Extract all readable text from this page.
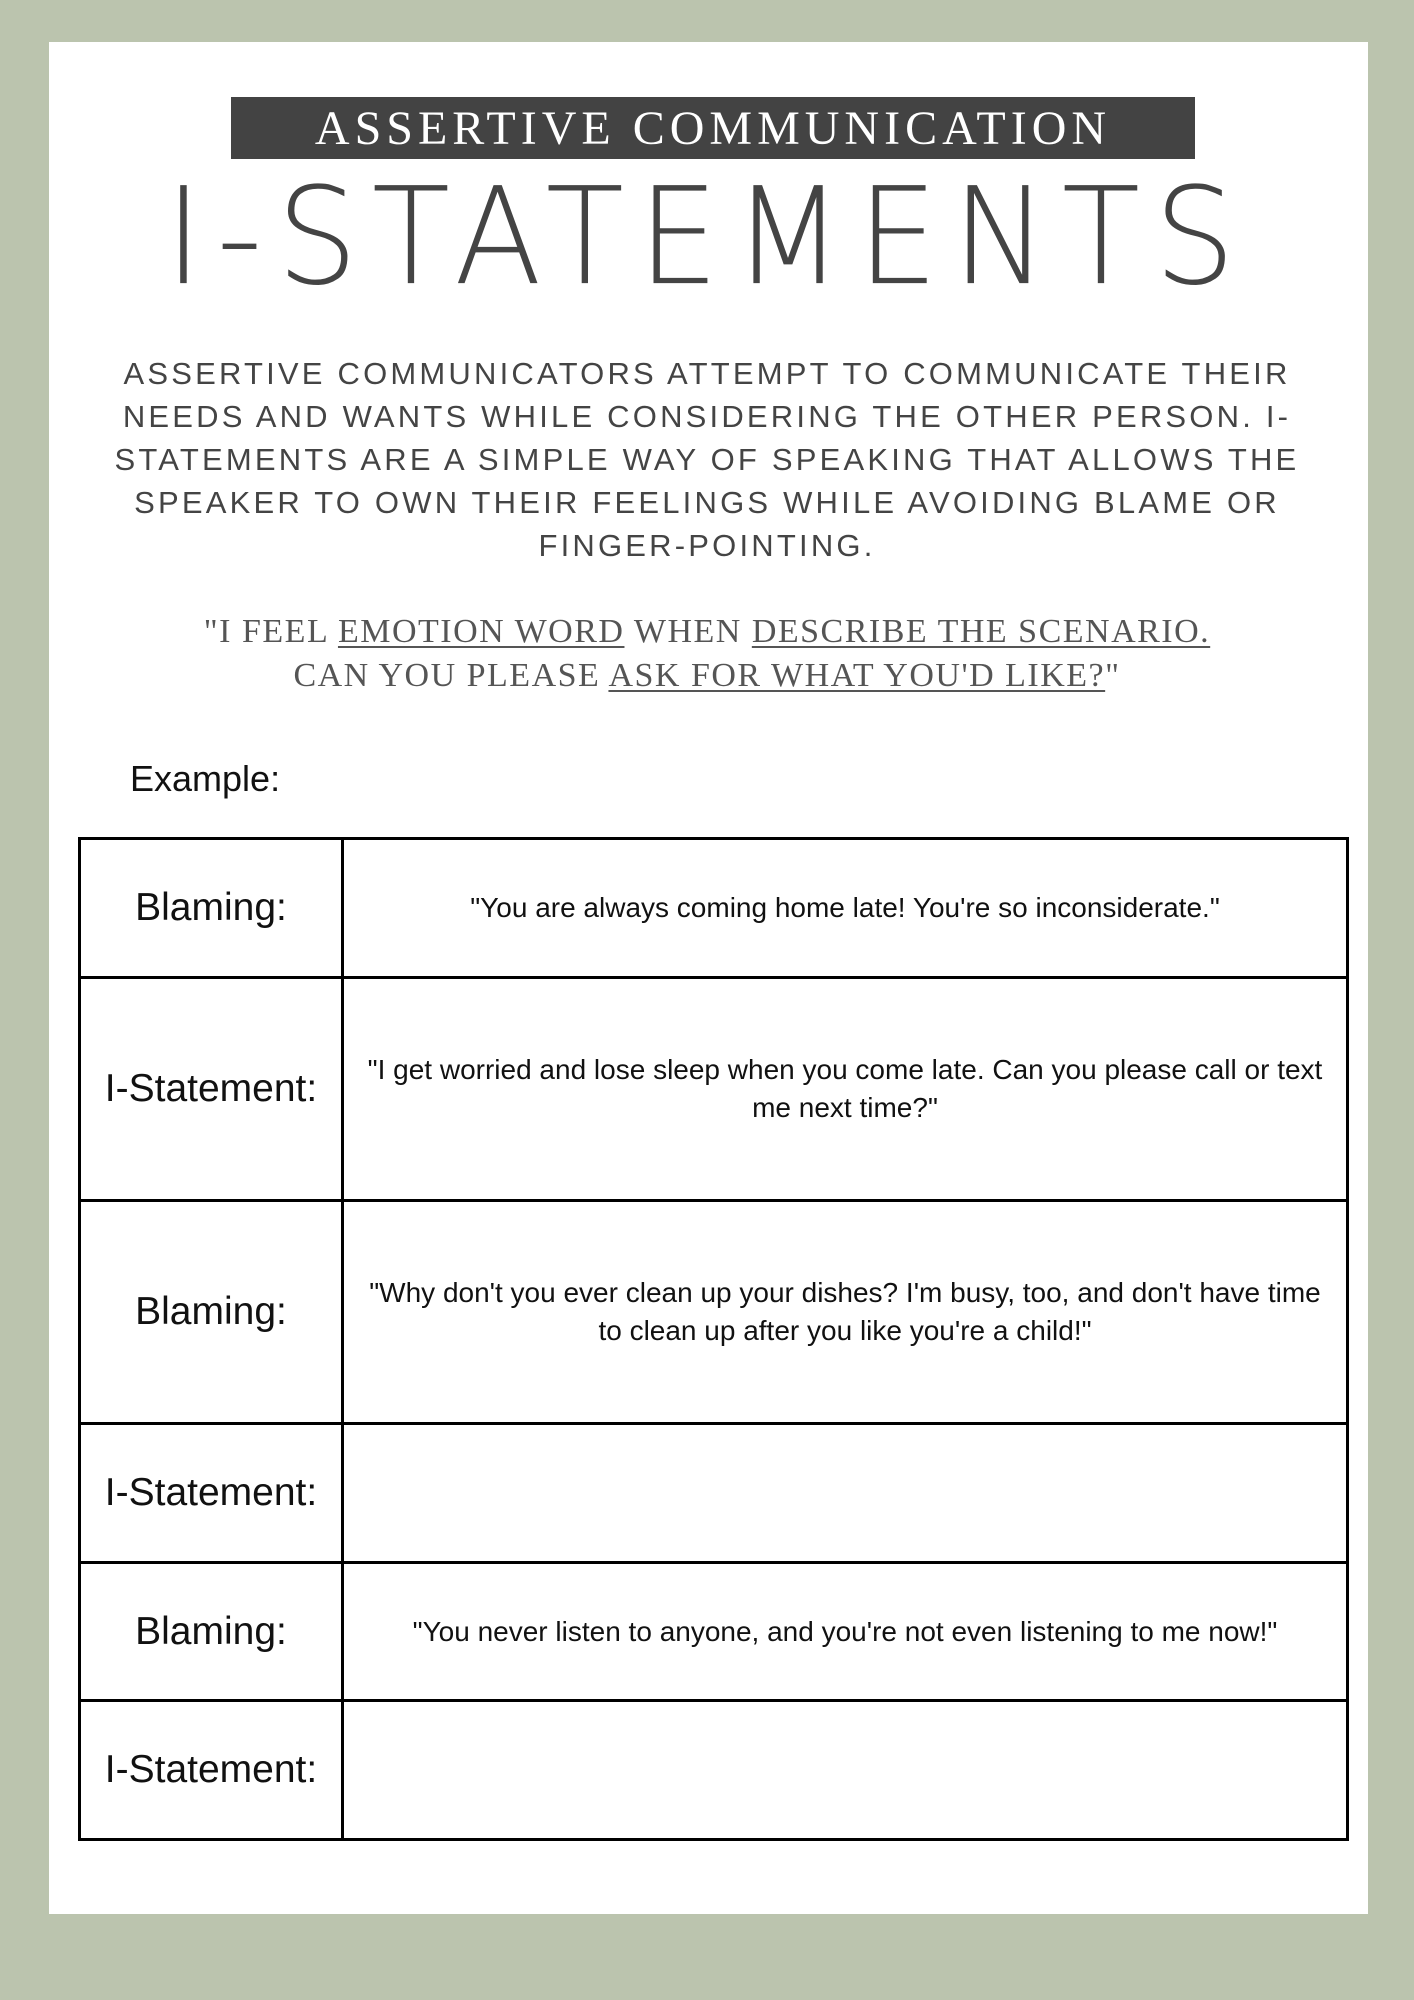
ASSERTIVE COMMUNICATION
I-STATEMENTS
ASSERTIVE COMMUNICATORS ATTEMPT TO COMMUNICATE THEIR NEEDS AND WANTS WHILE CONSIDERING THE OTHER PERSON. I-STATEMENTS ARE A SIMPLE WAY OF SPEAKING THAT ALLOWS THE SPEAKER TO OWN THEIR FEELINGS WHILE AVOIDING BLAME OR FINGER-POINTING.
"I FEEL EMOTION WORD WHEN DESCRIBE THE SCENARIO.
CAN YOU PLEASE ASK FOR WHAT YOU'D LIKE?"
Example:
Blaming:	"You are always coming home late! You're so inconsiderate."
I-Statement:	"I get worried and lose sleep when you come late. Can you please call or text me next time?"
Blaming:	"Why don't you ever clean up your dishes? I'm busy, too, and don't have time to clean up after you like you're a child!"
I-Statement:	
Blaming:	"You never listen to anyone, and you're not even listening to me now!"
I-Statement:	
